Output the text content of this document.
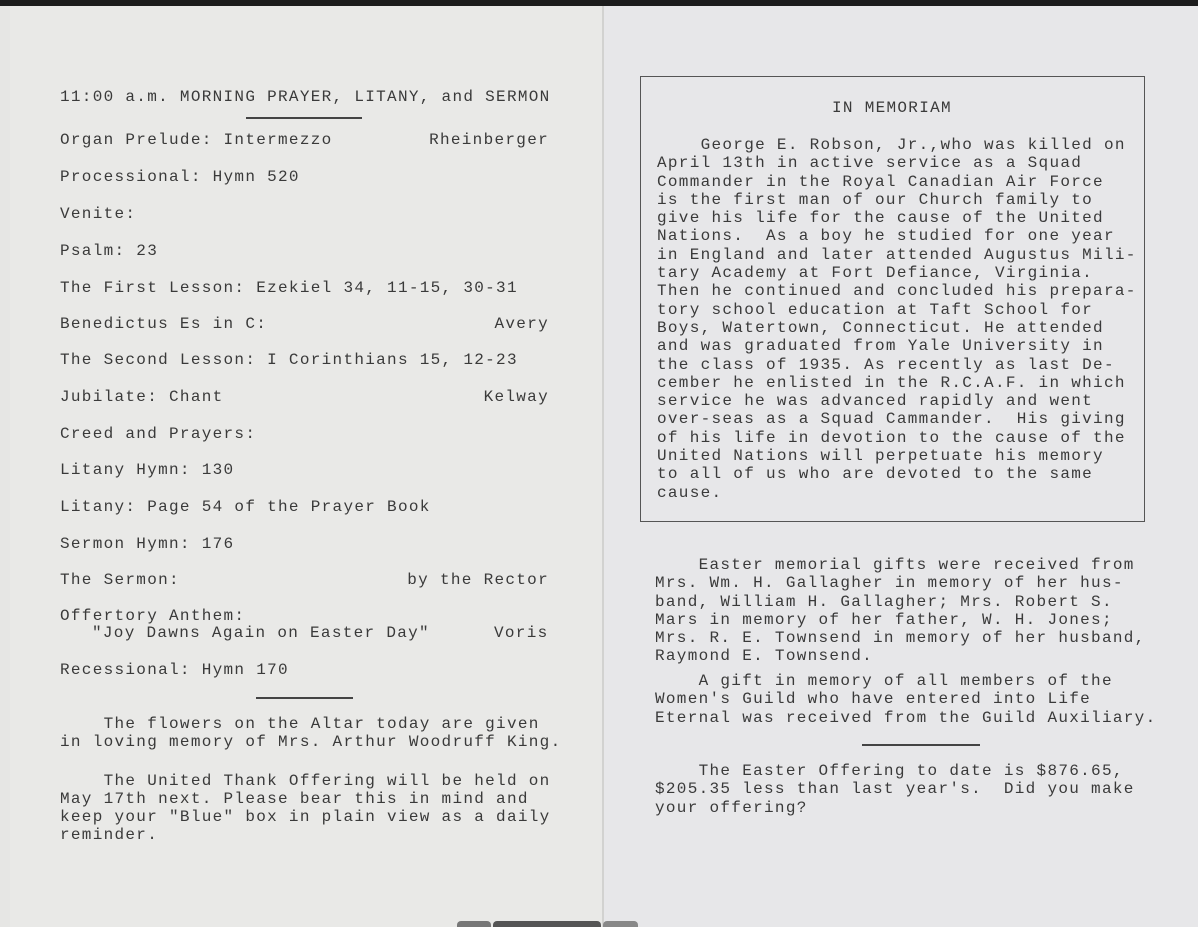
11:00 a.m. MORNING PRAYER, LITANY, and SERMON
Organ Prelude: Intermezzo	Rheinberger
Processional: Hymn 520
Venite:
Psalm: 23
The First Lesson: Ezekiel 34, 11-15, 30-31
Benedictus Es in C:	Avery
The Second Lesson: I Corinthians 15, 12-23
Jubilate: Chant	Kelway
Creed and Prayers:
Litany Hymn: 130
Litany: Page 54 of the Prayer Book
Sermon Hymn: 176
The Sermon:	by the Rector
Offertory Anthem:
"Joy Dawns Again on Easter Day"	Voris
Recessional: Hymn 170
The flowers on the Altar today are given
in loving memory of Mrs. Arthur Woodruff King.
The United Thank Offering will be held on
May 17th next. Please bear this in mind and
keep your "Blue" box in plain view as a daily
reminder.
IN MEMORIAM
George E. Robson, Jr.,who was killed on
April 13th in active service as a Squad
Commander in the Royal Canadian Air Force
is the first man of our Church family to
give his life for the cause of the United
Nations.  As a boy he studied for one year
in England and later attended Augustus Mili-
tary Academy at Fort Defiance, Virginia.
Then he continued and concluded his prepara-
tory school education at Taft School for
Boys, Watertown, Connecticut. He attended
and was graduated from Yale University in
the class of 1935. As recently as last De-
cember he enlisted in the R.C.A.F. in which
service he was advanced rapidly and went
over-seas as a Squad Cammander.  His giving
of his life in devotion to the cause of the
United Nations will perpetuate his memory
to all of us who are devoted to the same
cause.
Easter memorial gifts were received from
Mrs. Wm. H. Gallagher in memory of her hus-
band, William H. Gallagher; Mrs. Robert S.
Mars in memory of her father, W. H. Jones;
Mrs. R. E. Townsend in memory of her husband,
Raymond E. Townsend.
A gift in memory of all members of the
Women's Guild who have entered into Life
Eternal was received from the Guild Auxiliary.
The Easter Offering to date is $876.65,
$205.35 less than last year's.  Did you make
your offering?
